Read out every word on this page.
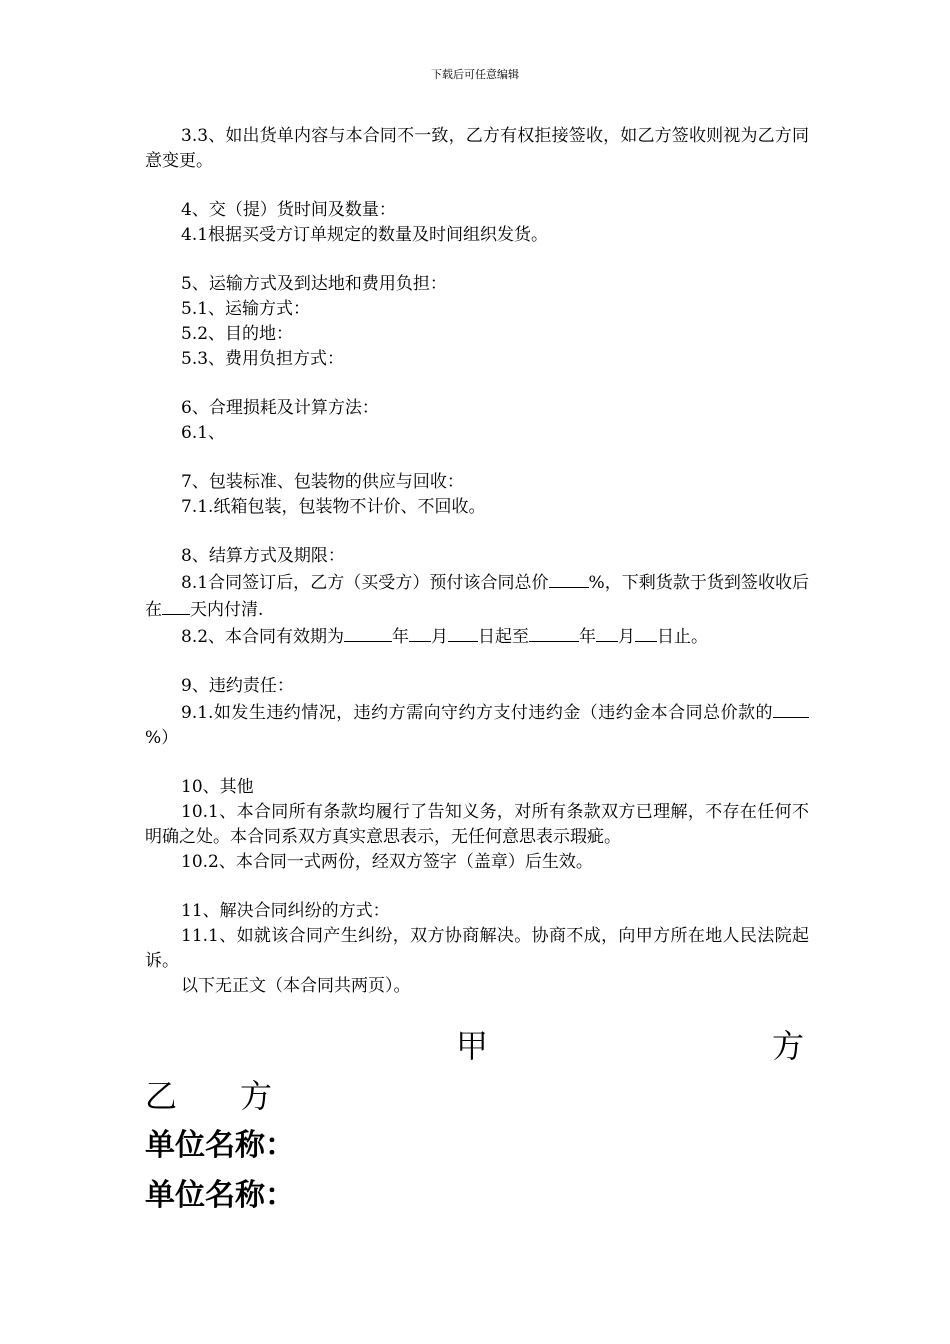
下载后可任意编辑

3.3、如出货单内容与本合同不一致，乙方有权拒接签收，如乙方签收则视为乙方同意变更。

4、交（提）货时间及数量：

4.1根据买受方订单规定的数量及时间组织发货。

5、运输方式及到达地和费用负担：

5.1、运输方式：

5.2、目的地：

5.3、费用负担方式：

6、合理损耗及计算方法：

6.1、

7、包装标准、包装物的供应与回收：

7.1.纸箱包装，包装物不计价、不回收。

8、结算方式及期限：

8.1合同签订后，乙方（买受方）预付该合同总价 %，下剩货款于货到签收收后在 天内付清.

8.2、本合同有效期为	年 月 日起至	年 月 日止。

9、违约责任：

9.1.如发生违约情况，违约方需向守约方支付违约金（违约金本合同总价款的%）

10、其他

10.1、本合同所有条款均履行了告知义务，对所有条款双方已理解，不存在任何不明确之处。本合同系双方真实意思表示，无任何意思表示瑕疵。

10.2、本合同一式两份，经双方签字（盖章）后生效。

11、解决合同纠纷的方式：

11.1、如就该合同产生纠纷，双方协商解决。协商不成，向甲方所在地人民法院起诉。

以下无正文（本合同共两页）。

甲	方
乙 方
单位名称：
单位名称：
